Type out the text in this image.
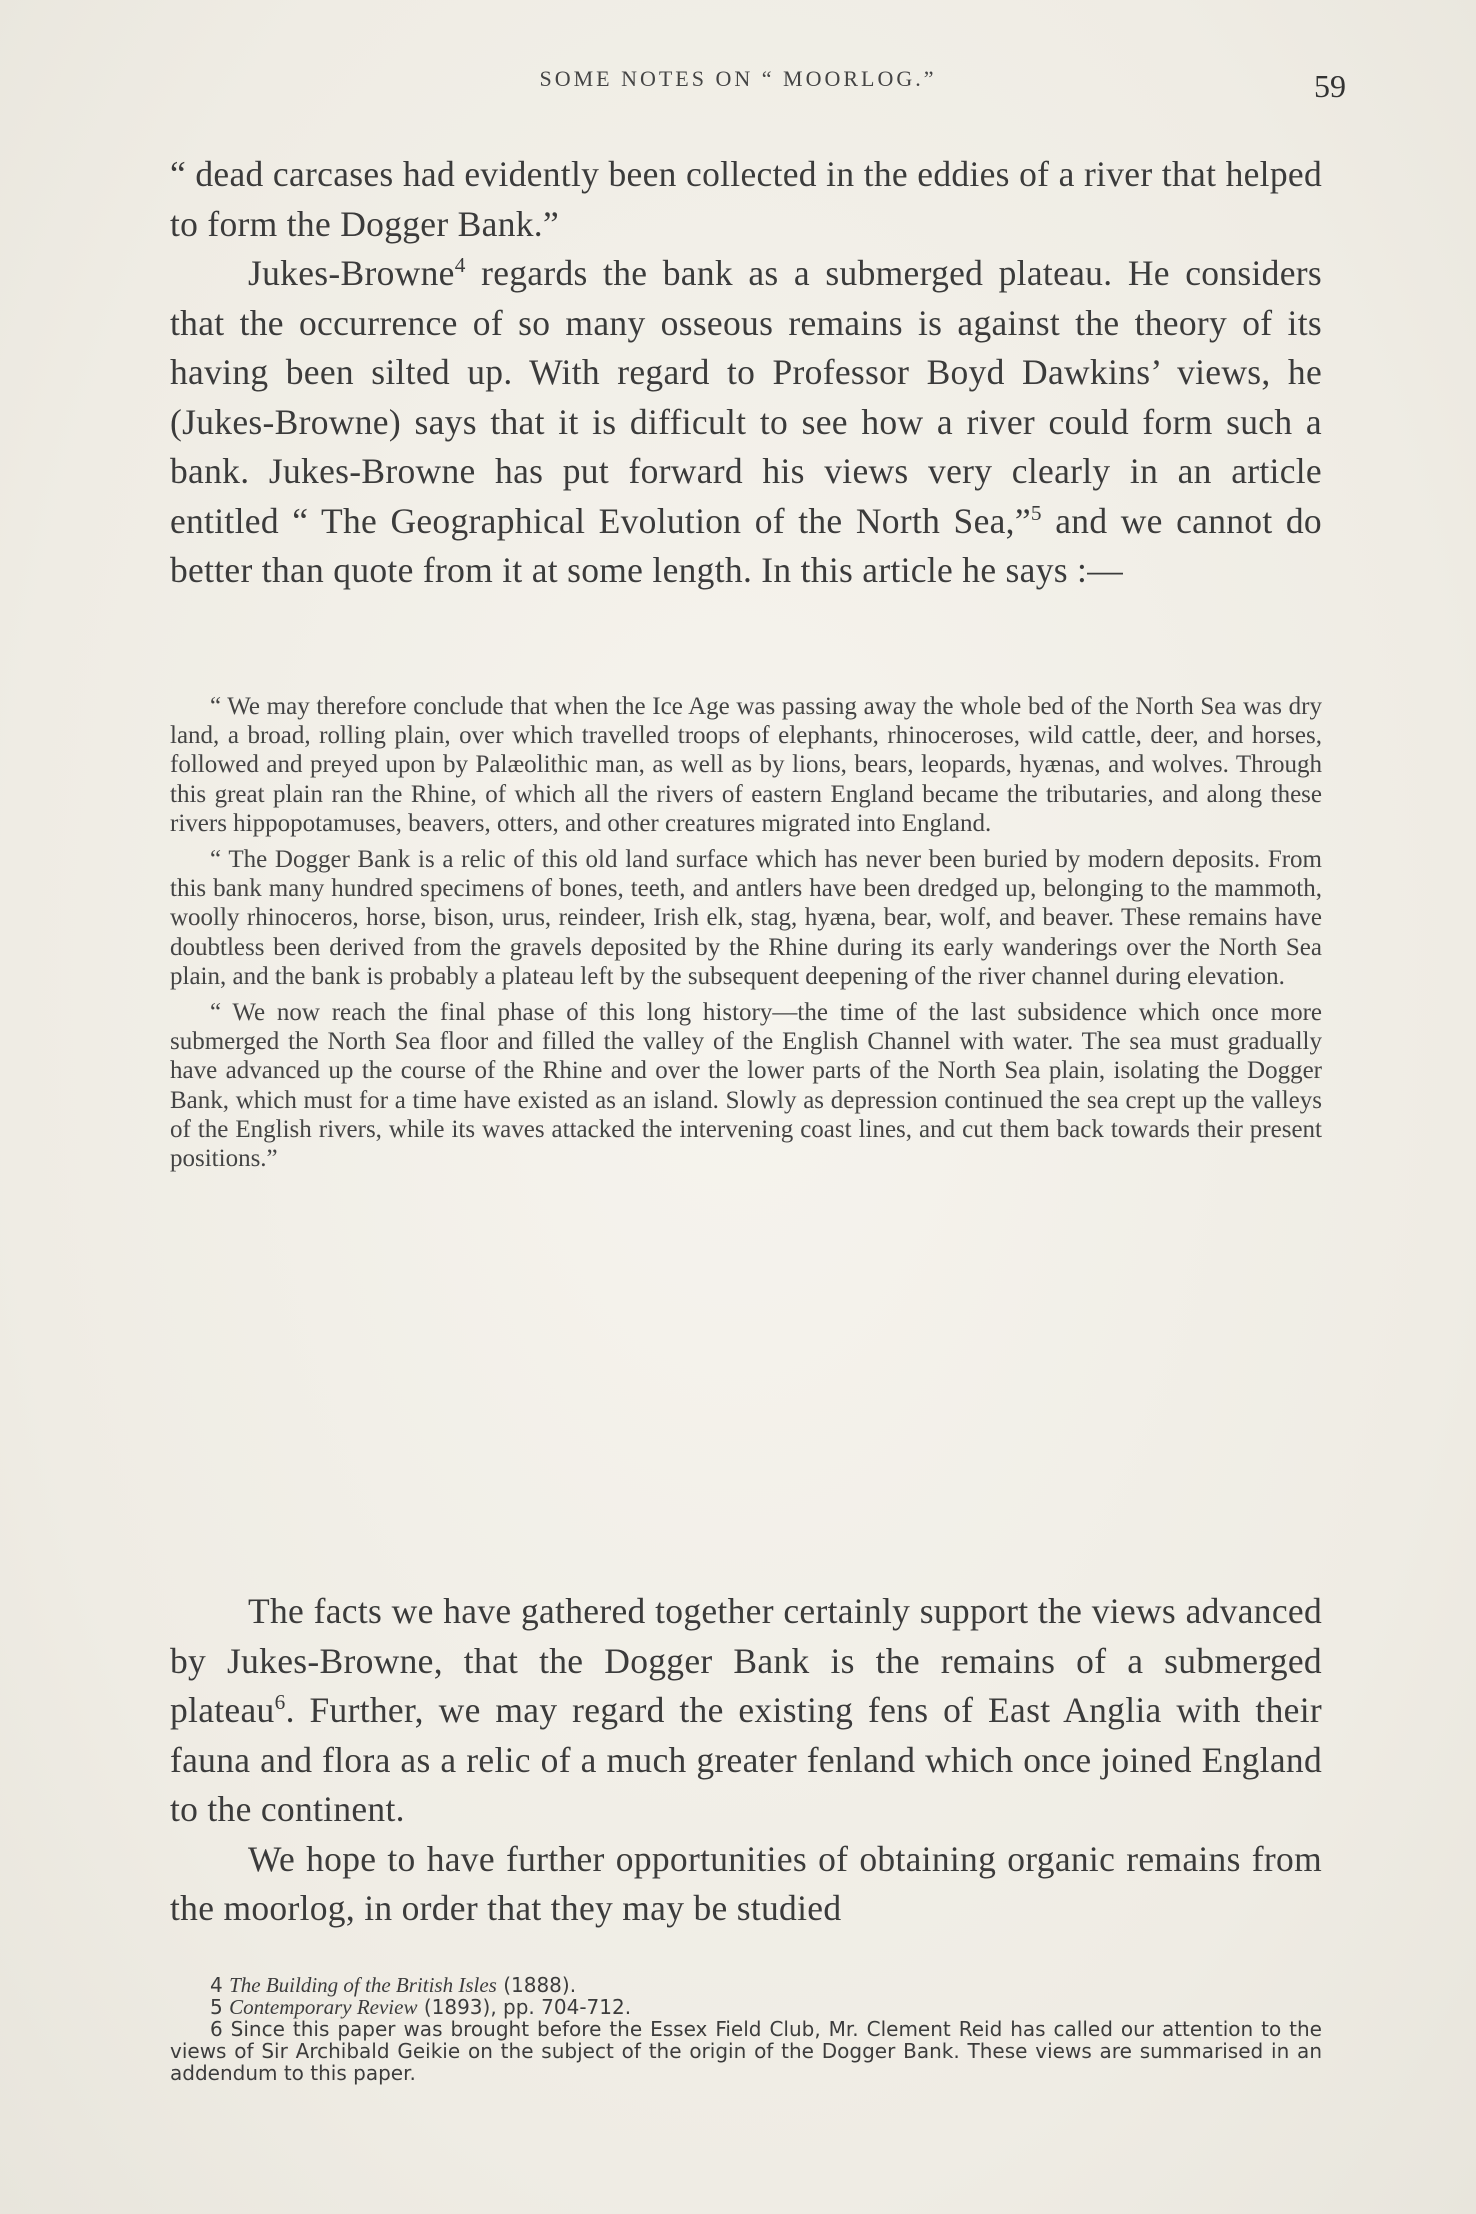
SOME NOTES ON “ MOORLOG.”	59

“ dead carcases had evidently been collected in the eddies of a river that helped to form the Dogger Bank.”

Jukes-Browne$^4$ regards the bank as a submerged plateau. He considers that the occurrence of so many osseous remains is against the theory of its having been silted up. With regard to Professor Boyd Dawkins’ views, he (Jukes-Browne) says that it is difficult to see how a river could form such a bank. Jukes-Browne has put forward his views very clearly in an article entitled “ The Geographical Evolution of the North Sea,”$^5$ and we cannot do better than quote from it at some length. In this article he says :—

“ We may therefore conclude that when the Ice Age was passing away the whole bed of the North Sea was dry land, a broad, rolling plain, over which travelled troops of elephants, rhinoceroses, wild cattle, deer, and horses, followed and preyed upon by Palæolithic man, as well as by lions, bears, leopards, hyænas, and wolves. Through this great plain ran the Rhine, of which all the rivers of eastern England became the tributaries, and along these rivers hippopotamuses, beavers, otters, and other creatures migrated into England.

“ The Dogger Bank is a relic of this old land surface which has never been buried by modern deposits. From this bank many hundred specimens of bones, teeth, and antlers have been dredged up, belonging to the mammoth, woolly rhinoceros, horse, bison, urus, reindeer, Irish elk, stag, hyæna, bear, wolf, and beaver. These remains have doubtless been derived from the gravels deposited by the Rhine during its early wanderings over the North Sea plain, and the bank is probably a plateau left by the subsequent deepening of the river channel during elevation.

“ We now reach the final phase of this long history—the time of the last subsidence which once more submerged the North Sea floor and filled the valley of the English Channel with water. The sea must gradually have advanced up the course of the Rhine and over the lower parts of the North Sea plain, isolating the Dogger Bank, which must for a time have existed as an island. Slowly as depression continued the sea crept up the valleys of the English rivers, while its waves attacked the intervening coast lines, and cut them back towards their present positions.”

The facts we have gathered together certainly support the views advanced by Jukes-Browne, that the Dogger Bank is the remains of a submerged plateau$^6$. Further, we may regard the existing fens of East Anglia with their fauna and flora as a relic of a much greater fenland which once joined England to the continent.

We hope to have further opportunities of obtaining organic remains from the moorlog, in order that they may be studied

4 The Building of the British Isles (1888).

5 Contemporary Review (1893), pp. 704-712.

6 Since this paper was brought before the Essex Field Club, Mr. Clement Reid has called our attention to the views of Sir Archibald Geikie on the subject of the origin of the Dogger Bank. These views are summarised in an addendum to this paper.
